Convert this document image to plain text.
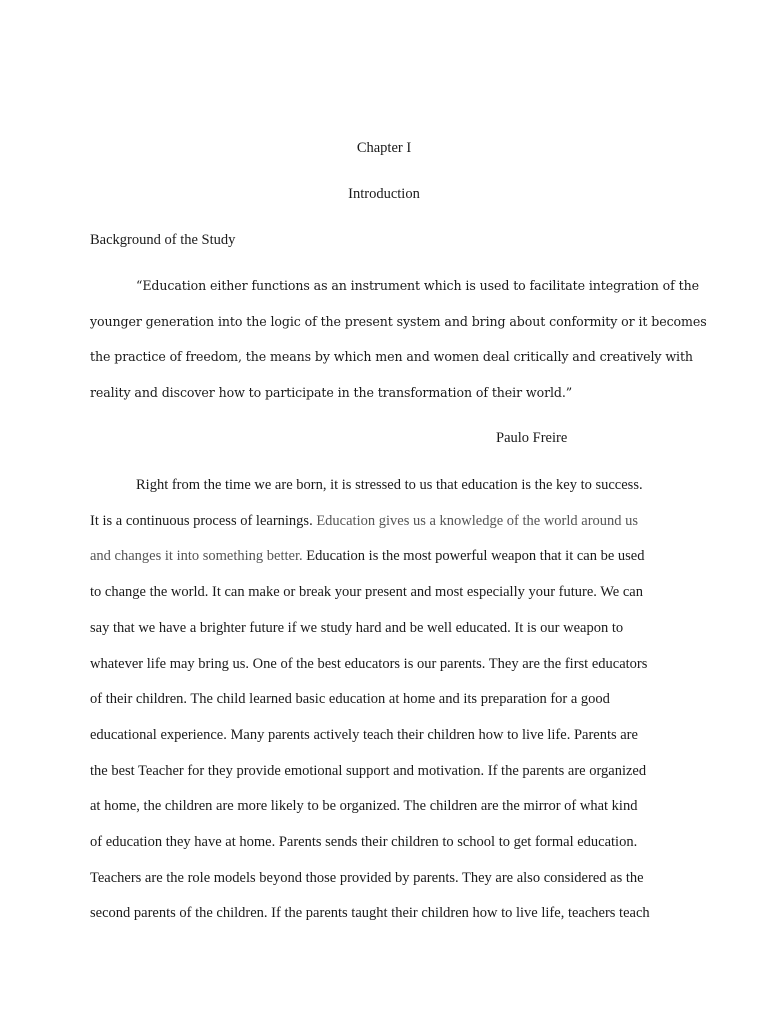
Chapter I
Introduction
Background of the Study
“Education either functions as an instrument which is used to facilitate integration of the
younger generation into the logic of the present system and bring about conformity or it becomes
the practice of freedom, the means by which men and women deal critically and creatively with
reality and discover how to participate in the transformation of their world.”
Paulo Freire
Right from the time we are born, it is stressed to us that education is the key to success.
It is a continuous process of learnings. Education gives us a knowledge of the world around us
and changes it into something better. Education is the most powerful weapon that it can be used
to change the world. It can make or break your present and most especially your future. We can
say that we have a brighter future if we study hard and be well educated. It is our weapon to
whatever life may bring us. One of the best educators is our parents. They are the first educators
of their children. The child learned basic education at home and its preparation for a good
educational experience. Many parents actively teach their children how to live life. Parents are
the best Teacher for they provide emotional support and motivation. If the parents are organized
at home, the children are more likely to be organized. The children are the mirror of what kind
of education they have at home. Parents sends their children to school to get formal education.
Teachers are the role models beyond those provided by parents. They are also considered as the
second parents of the children. If the parents taught their children how to live life, teachers teach
